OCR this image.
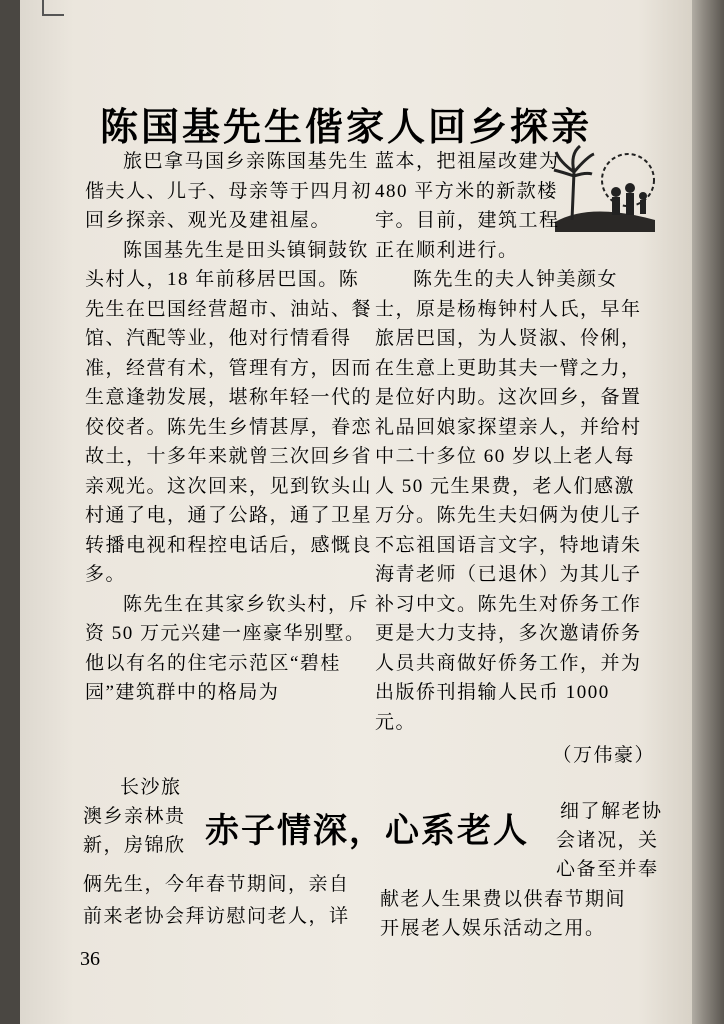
陈国基先生偕家人回乡探亲

旅巴拿马国乡亲陈国基先生偕夫人、儿子、母亲等于四月初回乡探亲、观光及建祖屋。

陈国基先生是田头镇铜鼓钦头村人，18 年前移居巴国。陈先生在巴国经营超市、油站、餐馆、汽配等业，他对行情看得准，经营有术，管理有方，因而生意逢勃发展，堪称年轻一代的佼佼者。陈先生乡情甚厚，眷恋故土，十多年来就曾三次回乡省亲观光。这次回来，见到钦头山村通了电，通了公路，通了卫星转播电视和程控电话后，感慨良多。

陈先生在其家乡钦头村，斥资 50 万元兴建一座豪华别墅。他以有名的住宅示范区“碧桂园”建筑群中的格局为

蓝本，把祖屋改建为 480 平方米的新款楼宇。目前，建筑工程正在顺利进行。

陈先生的夫人钟美颜女士，原是杨梅钟村人氏，早年旅居巴国，为人贤淑、伶俐，在生意上更助其夫一臂之力，是位好内助。这次回乡，备置礼品回娘家探望亲人，并给村中二十多位 60 岁以上老人每人 50 元生果费，老人们感激万分。陈先生夫妇俩为使儿子不忘祖国语言文字，特地请朱海青老师（已退休）为其儿子补习中文。陈先生对侨务工作更是大力支持，多次邀请侨务人员共商做好侨务工作，并为出版侨刊捐输人民币 1000 元。

（万伟豪）
赤子情深，心系老人
长沙旅
澳乡亲林贵
新，房锦欣
俩先生，今年春节期间，亲自
前来老协会拜访慰问老人，详
细了解老协
会诸况，关
心备至并奉
献老人生果费以供春节期间
开展老人娱乐活动之用。
36
